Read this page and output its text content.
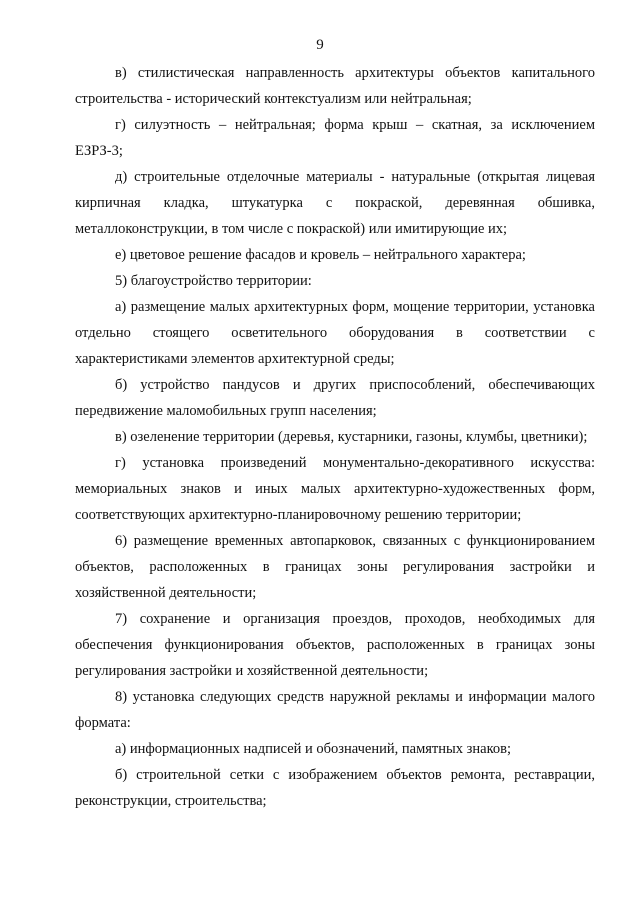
9

в) стилистическая направленность архитектуры объектов капитального строительства - исторический контекстуализм или нейтральная;

г) силуэтность – нейтральная; форма крыш – скатная, за исключением ЕЗРЗ-3;

д) строительные отделочные материалы - натуральные (открытая лицевая кирпичная кладка, штукатурка с покраской, деревянная обшивка, металлоконструкции, в том числе с покраской) или имитирующие их;

е) цветовое решение фасадов и кровель – нейтрального характера;

5) благоустройство территории:

а) размещение малых архитектурных форм, мощение территории, установка отдельно стоящего осветительного оборудования в соответствии с характеристиками элементов архитектурной среды;

б) устройство пандусов и других приспособлений, обеспечивающих передвижение маломобильных групп населения;

в) озеленение территории (деревья, кустарники, газоны, клумбы, цветники);

г) установка произведений монументально-декоративного искусства: мемориальных знаков и иных малых архитектурно-художественных форм, соответствующих архитектурно-планировочному решению территории;

6) размещение временных автопарковок, связанных с функционированием объектов, расположенных в границах зоны регулирования застройки и хозяйственной деятельности;

7) сохранение и организация проездов, проходов, необходимых для обеспечения функционирования объектов, расположенных в границах зоны регулирования застройки и хозяйственной деятельности;

8) установка следующих средств наружной рекламы и информации малого формата:

а) информационных надписей и обозначений, памятных знаков;

б) строительной сетки с изображением объектов ремонта, реставрации, реконструкции, строительства;
